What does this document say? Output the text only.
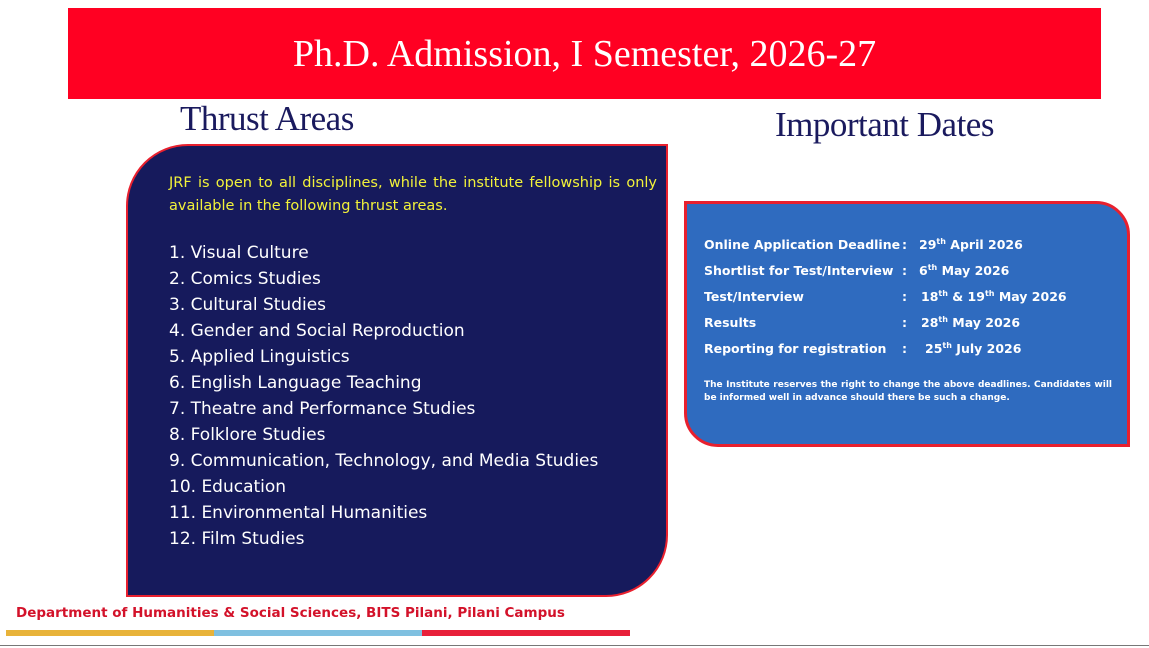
Ph.D. Admission, I Semester, 2026-27
Thrust Areas	Important Dates

JRF is open to all disciplines, while the institute fellowship is only available in the following thrust areas.

1. Visual Culture
2. Comics Studies
3. Cultural Studies
4. Gender and Social Reproduction
5. Applied Linguistics
6. English Language Teaching
7. Theatre and Performance Studies
8. Folklore Studies
9. Communication, Technology, and Media Studies
10. Education
11. Environmental Humanities
12. Film Studies
Online Application Deadline : 29th April 2026
Shortlist for Test/Interview : 6th May 2026
Test/Interview	: 18th & 19th May 2026
Results	: 28th May 2026
Reporting for registration : 25th July 2026

The Institute reserves the right to change the above deadlines. Candidates will be informed well in advance should there be such a change.

Department of Humanities & Social Sciences, BITS Pilani, Pilani Campus
